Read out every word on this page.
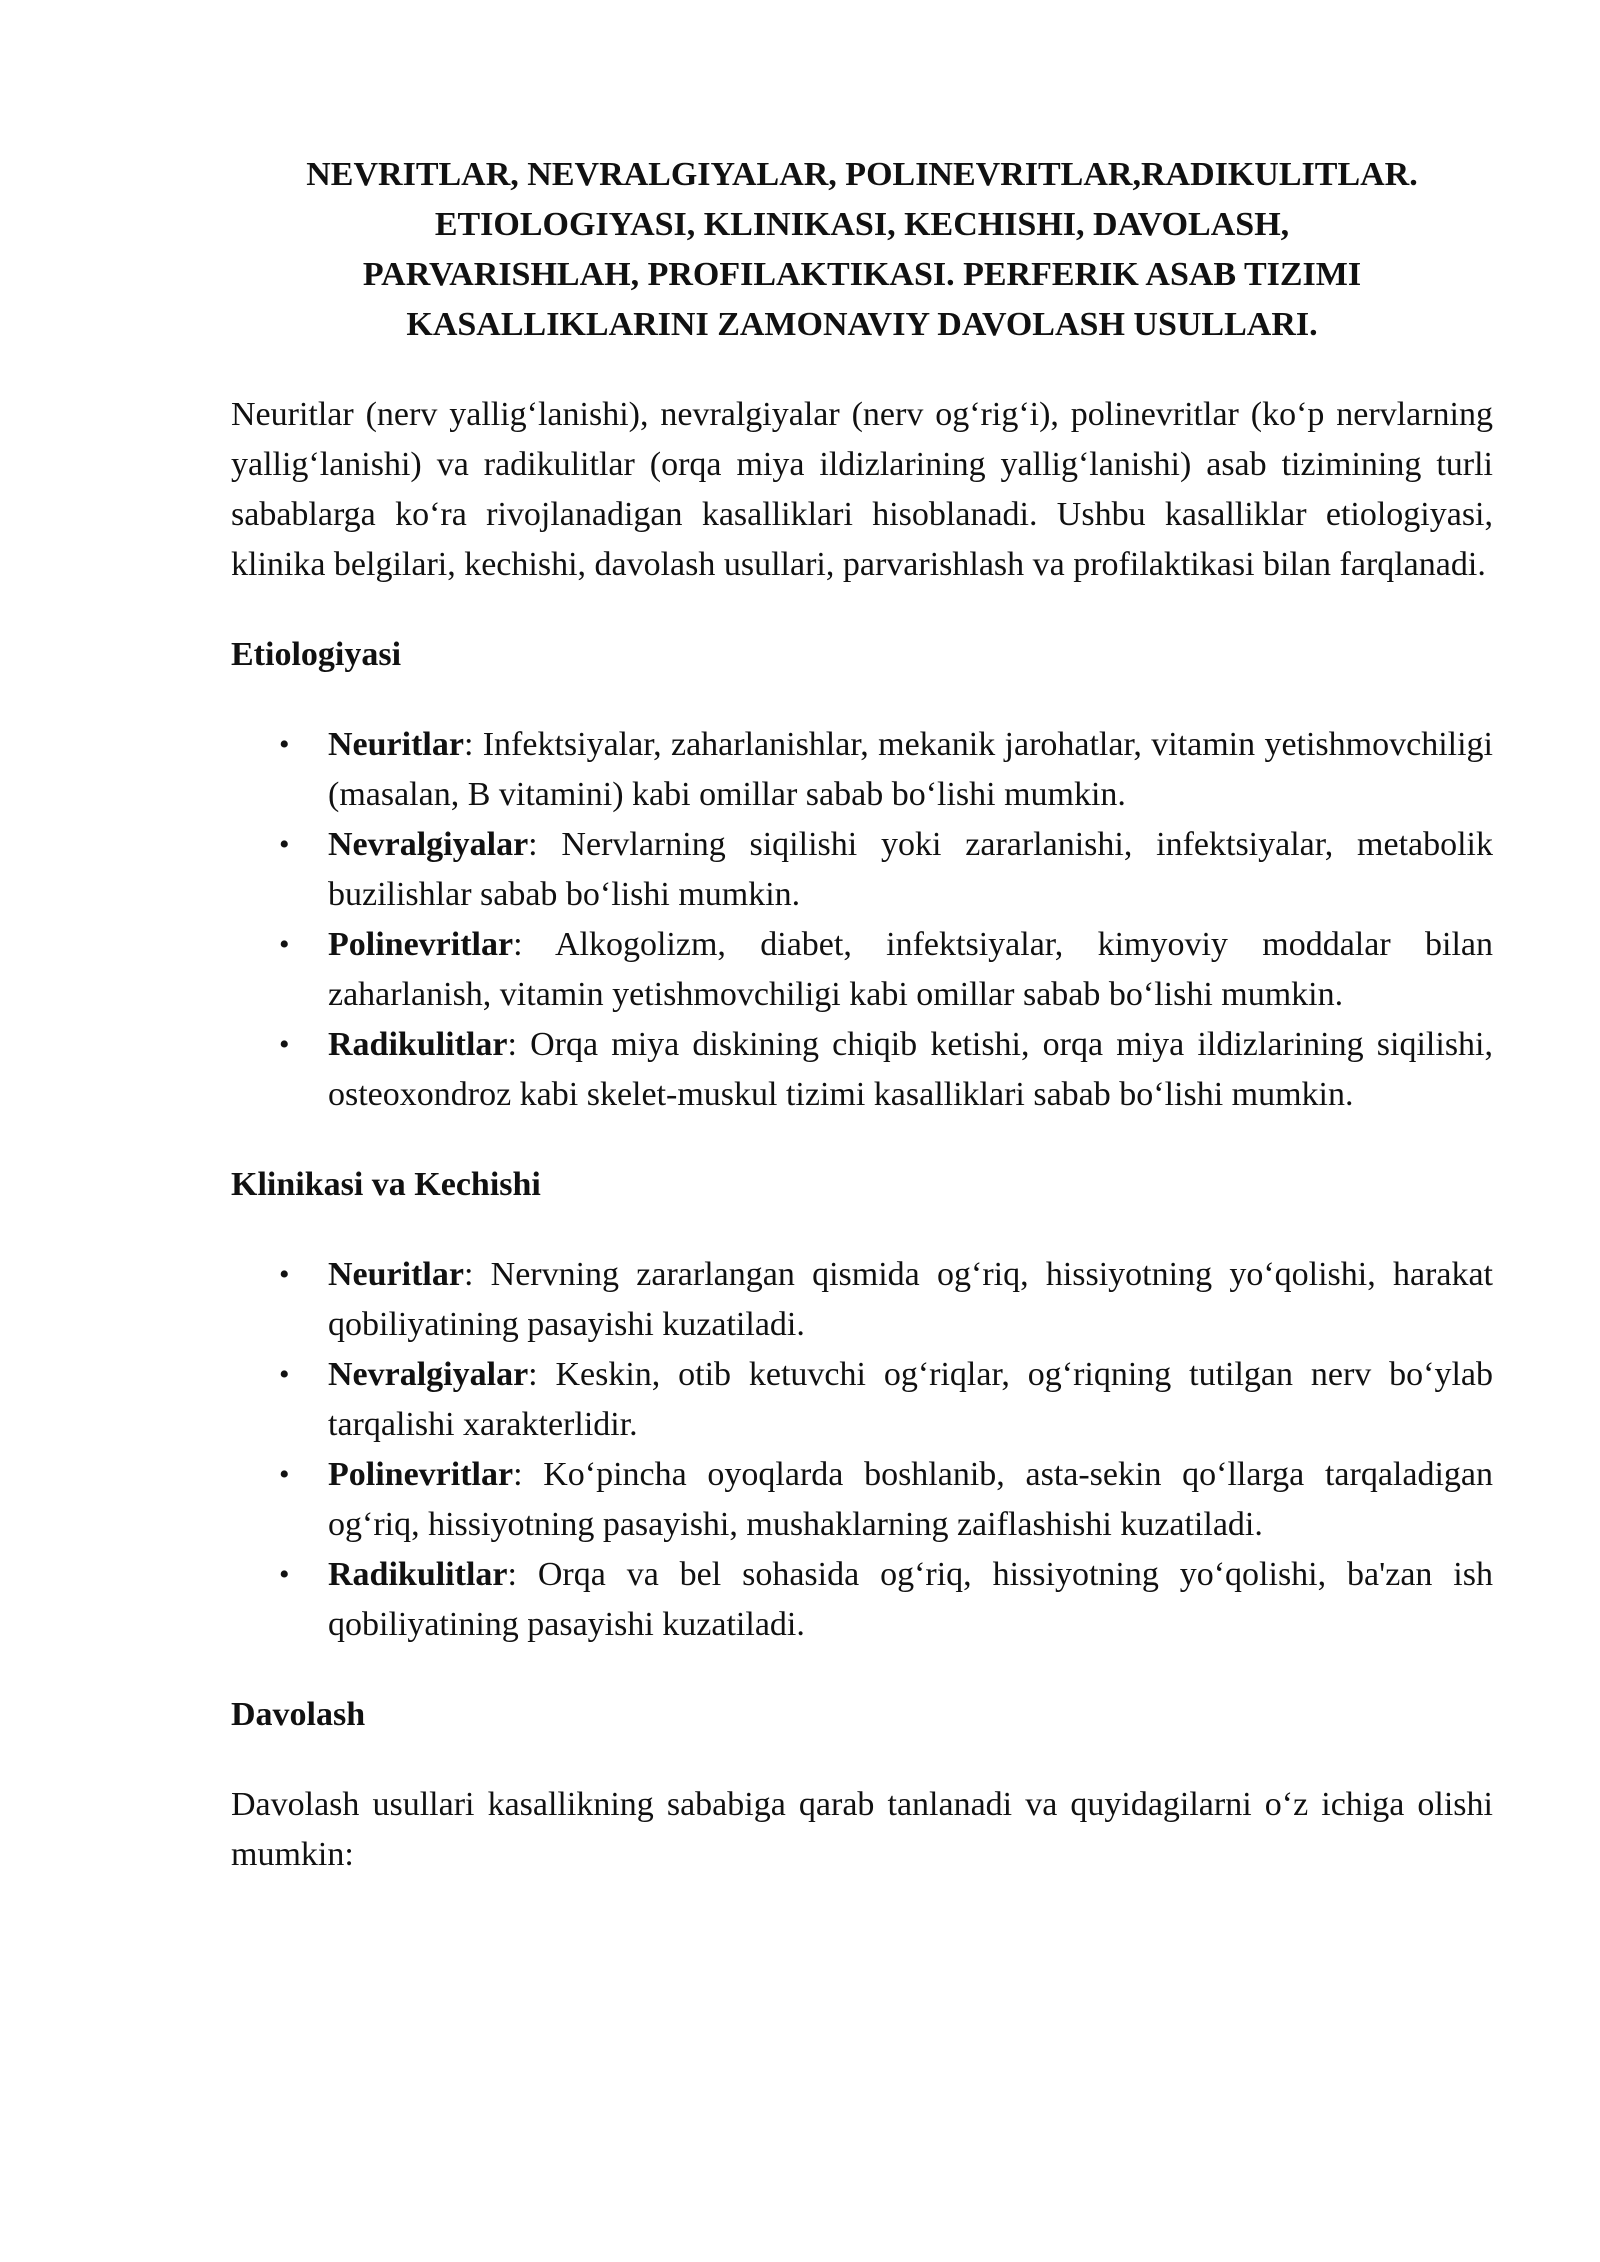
NEVRITLAR, NEVRALGIYALAR, POLINEVRITLAR,RADIKULITLAR.
ETIOLOGIYASI, KLINIKASI, KECHISHI, DAVOLASH,
PARVARISHLAH, PROFILAKTIKASI. PERFERIK ASAB TIZIMI
KASALLIKLARINI ZAMONAVIY DAVOLASH USULLARI.

Neuritlar (nerv yallig‘lanishi), nevralgiyalar (nerv og‘rig‘i), polinevritlar (ko‘p nervlarning yallig‘lanishi) va radikulitlar (orqa miya ildizlarining yallig‘lanishi) asab tizimining turli sabablarga ko‘ra rivojlanadigan kasalliklari hisoblanadi. Ushbu kasalliklar etiologiyasi, klinika belgilari, kechishi, davolash usullari, parvarishlash va profilaktikasi bilan farqlanadi.

Etiologiyasi
• Neuritlar: Infektsiyalar, zaharlanishlar, mekanik jarohatlar, vitamin yetishmovchiligi (masalan, B vitamini) kabi omillar sabab bo‘lishi mumkin.
• Nevralgiyalar: Nervlarning siqilishi yoki zararlanishi, infektsiyalar, metabolik buzilishlar sabab bo‘lishi mumkin.
• Polinevritlar: Alkogolizm, diabet, infektsiyalar, kimyoviy moddalar bilan zaharlanish, vitamin yetishmovchiligi kabi omillar sabab bo‘lishi mumkin.
• Radikulitlar: Orqa miya diskining chiqib ketishi, orqa miya ildizlarining siqilishi, osteoxondroz kabi skelet-muskul tizimi kasalliklari sabab bo‘lishi mumkin.
Klinikasi va Kechishi
• Neuritlar: Nervning zararlangan qismida og‘riq, hissiyotning yo‘qolishi, harakat qobiliyatining pasayishi kuzatiladi.
• Nevralgiyalar: Keskin, otib ketuvchi og‘riqlar, og‘riqning tutilgan nerv bo‘ylab tarqalishi xarakterlidir.
• Polinevritlar: Ko‘pincha oyoqlarda boshlanib, asta-sekin qo‘llarga tarqaladigan og‘riq, hissiyotning pasayishi, mushaklarning zaiflashishi kuzatiladi.
• Radikulitlar: Orqa va bel sohasida og‘riq, hissiyotning yo‘qolishi, ba'zan ish qobiliyatining pasayishi kuzatiladi.
Davolash

Davolash usullari kasallikning sababiga qarab tanlanadi va quyidagilarni o‘z ichiga olishi mumkin:
